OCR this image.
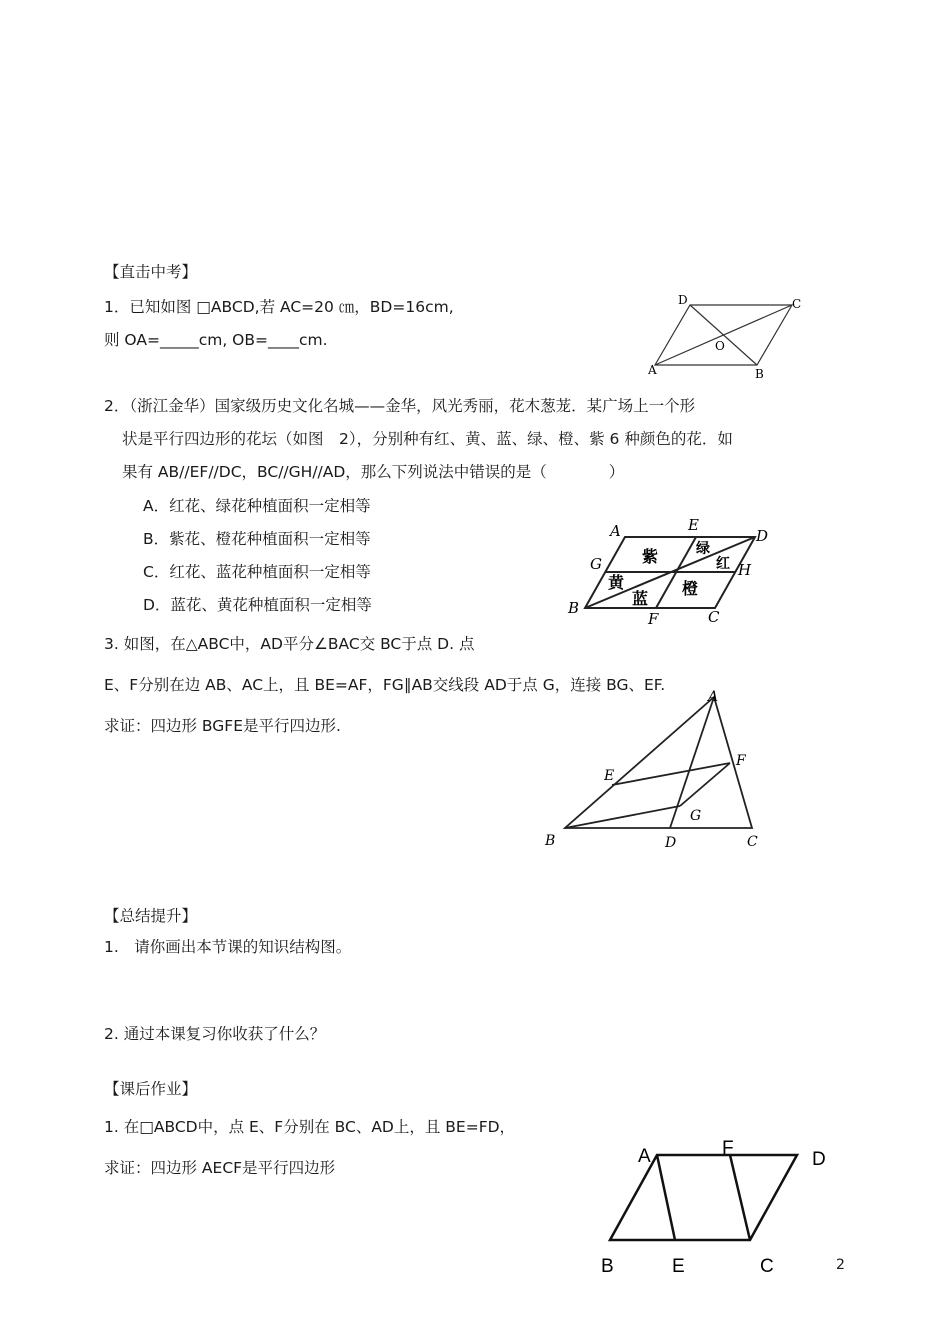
【直击中考】
1．已知如图 □ABCD,若 AC=20 ㎝，BD=16cm,
则 OA=_____cm, OB=____cm.
D	C
O
A	B
2．（浙江金华）国家级历史文化名城——金华，风光秀丽，花木葱茏．某广场上一个形
状是平行四边形的花坛（如图　2），分别种有红、黄、蓝、绿、橙、紫 6 种颜色的花．如
果有 AB//EF//DC，BC//GH//AD，那么下列说法中错误的是（　　　　）
A．红花、绿花种植面积一定相等
B．紫花、橙花种植面积一定相等
C．红花、蓝花种植面积一定相等
D．蓝花、黄花种植面积一定相等
A	E
D
G	H
B
F	C
紫	绿
红
黄
蓝
橙
3. 如图，在△ABC中，AD平分∠BAC交 BC于点 D. 点
E、F分别在边 AB、AC上，且 BE=AF，FG∥AB交线段 AD于点 G，连接 BG、EF.
求证：四边形 BGFE是平行四边形.
A
F
E
G
B	D	C
【总结提升】
1.　请你画出本节课的知识结构图。
2. 通过本课复习你收获了什么？
【课后作业】
1. 在□ABCD中，点 E、F分别在 BC、AD上，且 BE=FD，
求证：四边形 AECF是平行四边形
A	F
D
B	E	C	2
